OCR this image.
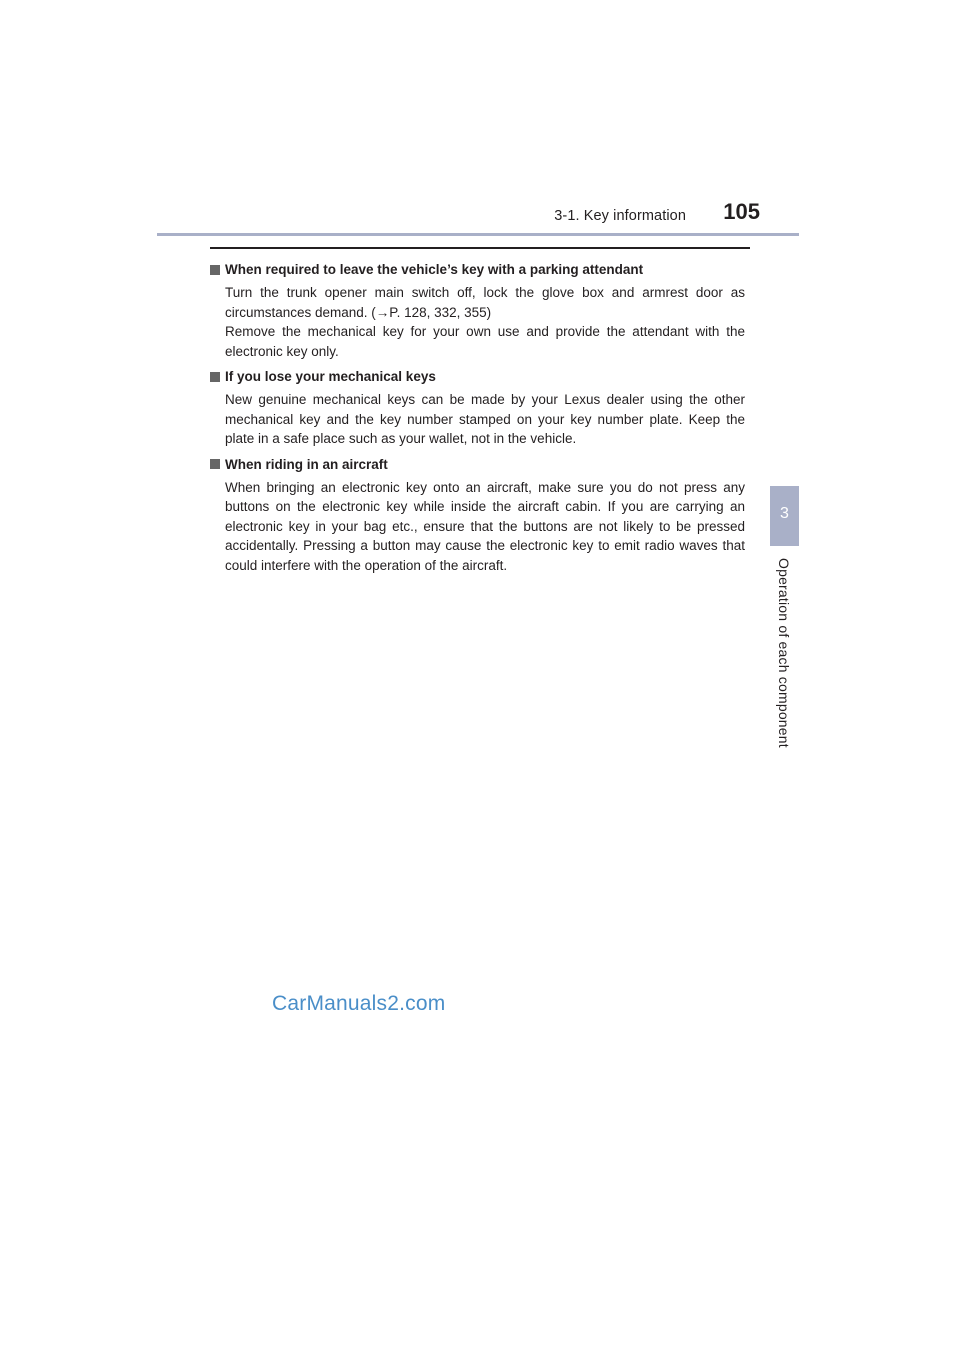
3-1. Key information	105
3
Operation of each component
When required to leave the vehicle’s key with a parking attendant

Turn the trunk opener main switch off, lock the glove box and armrest door as circumstances demand. (→P. 128, 332, 355)

Remove the mechanical key for your own use and provide the attendant with the electronic key only.

If you lose your mechanical keys

New genuine mechanical keys can be made by your Lexus dealer using the other mechanical key and the key number stamped on your key number plate. Keep the plate in a safe place such as your wallet, not in the vehicle.

When riding in an aircraft

When bringing an electronic key onto an aircraft, make sure you do not press any buttons on the electronic key while inside the aircraft cabin. If you are carrying an electronic key in your bag etc., ensure that the buttons are not likely to be pressed accidentally. Pressing a button may cause the electronic key to emit radio waves that could interfere with the operation of the aircraft.

CarManuals2.com
